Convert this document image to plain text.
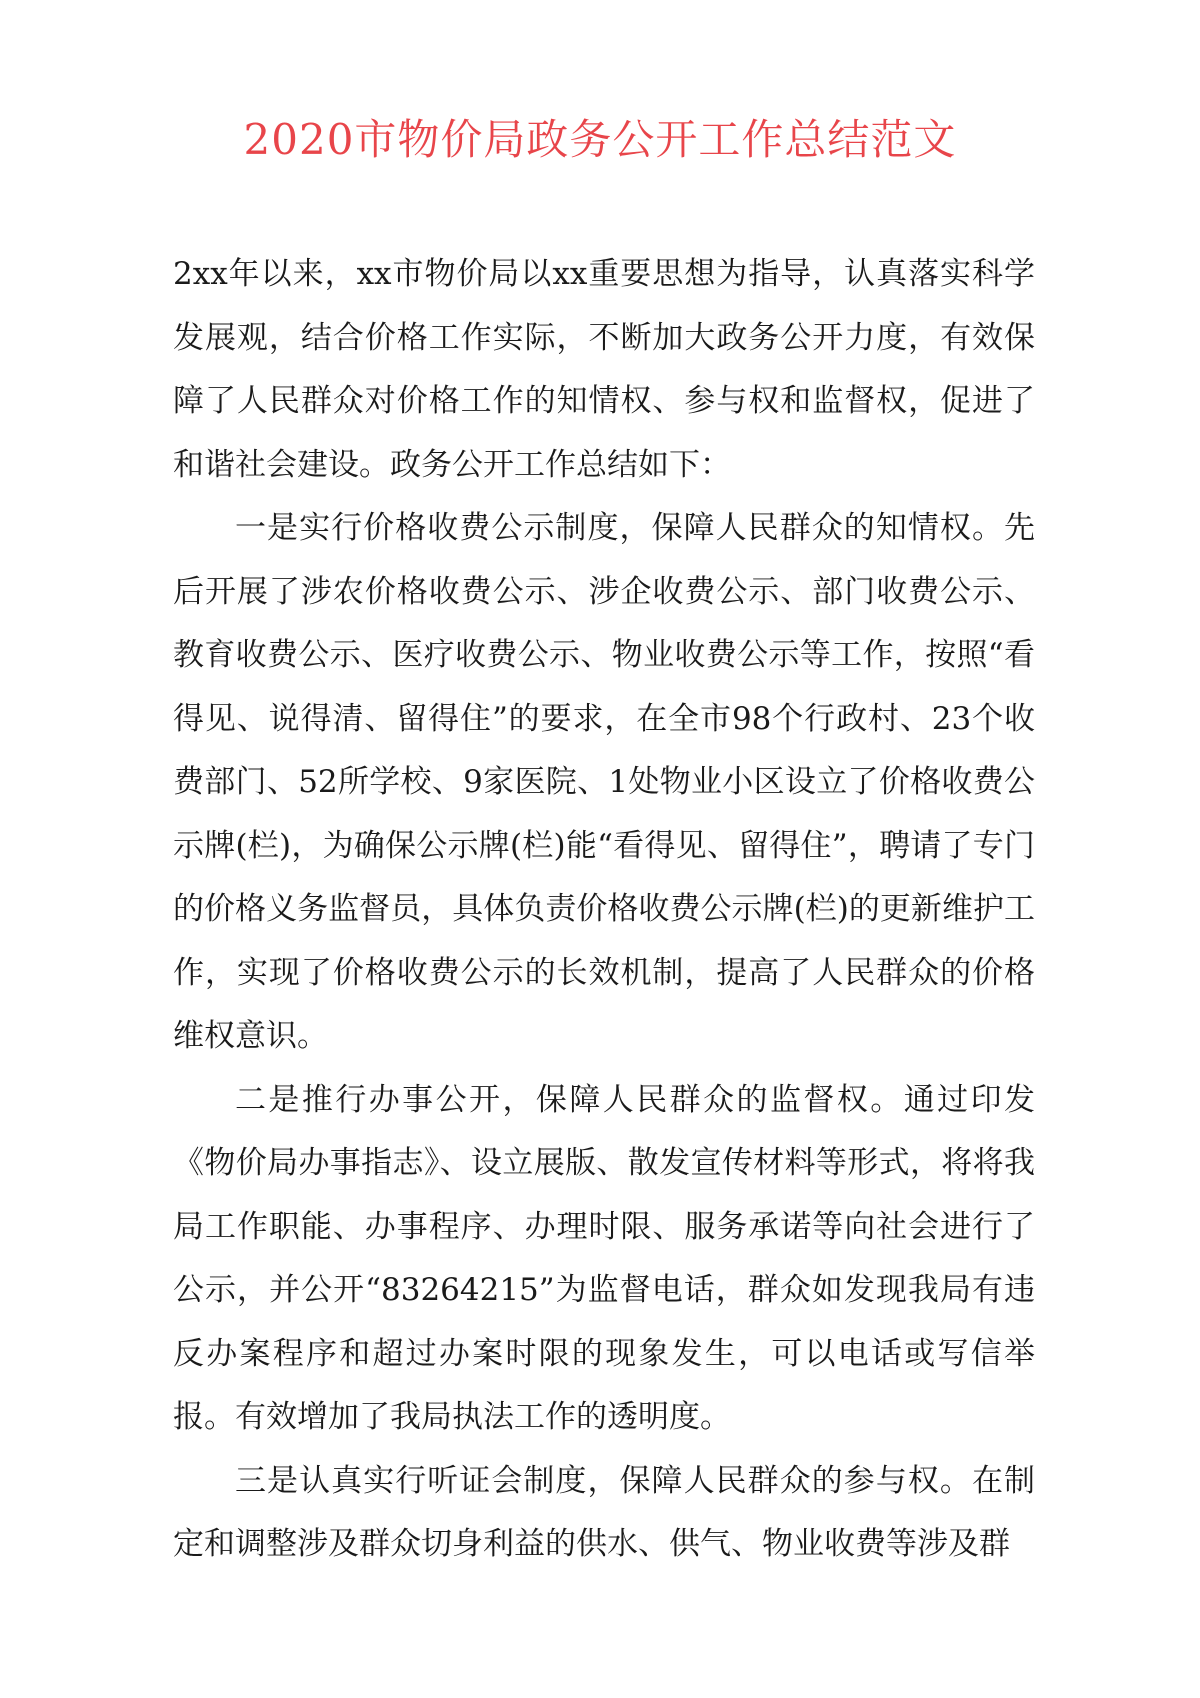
2020市物价局政务公开工作总结范文

2xx年以来，xx市物价局以xx重要思想为指导，认真落实科学发展观，结合价格工作实际，不断加大政务公开力度，有效保障了人民群众对价格工作的知情权、参与权和监督权，促进了和谐社会建设。政务公开工作总结如下：

一是实行价格收费公示制度，保障人民群众的知情权。先后开展了涉农价格收费公示、涉企收费公示、部门收费公示、教育收费公示、医疗收费公示、物业收费公示等工作，按照“看得见、说得清、留得住”的要求，在全市98个行政村、23个收费部门、52所学校、9家医院、1处物业小区设立了价格收费公示牌(栏)，为确保公示牌(栏)能“看得见、留得住”，聘请了专门的价格义务监督员，具体负责价格收费公示牌(栏)的更新维护工作，实现了价格收费公示的长效机制，提高了人民群众的价格维权意识。

二是推行办事公开，保障人民群众的监督权。通过印发《物价局办事指志》、设立展版、散发宣传材料等形式，将将我局工作职能、办事程序、办理时限、服务承诺等向社会进行了公示，并公开“83264215”为监督电话，群众如发现我局有违反办案程序和超过办案时限的现象发生，可以电话或写信举报。有效增加了我局执法工作的透明度。

三是认真实行听证会制度，保障人民群众的参与权。在制定和调整涉及群众切身利益的供水、供气、物业收费等涉及群
